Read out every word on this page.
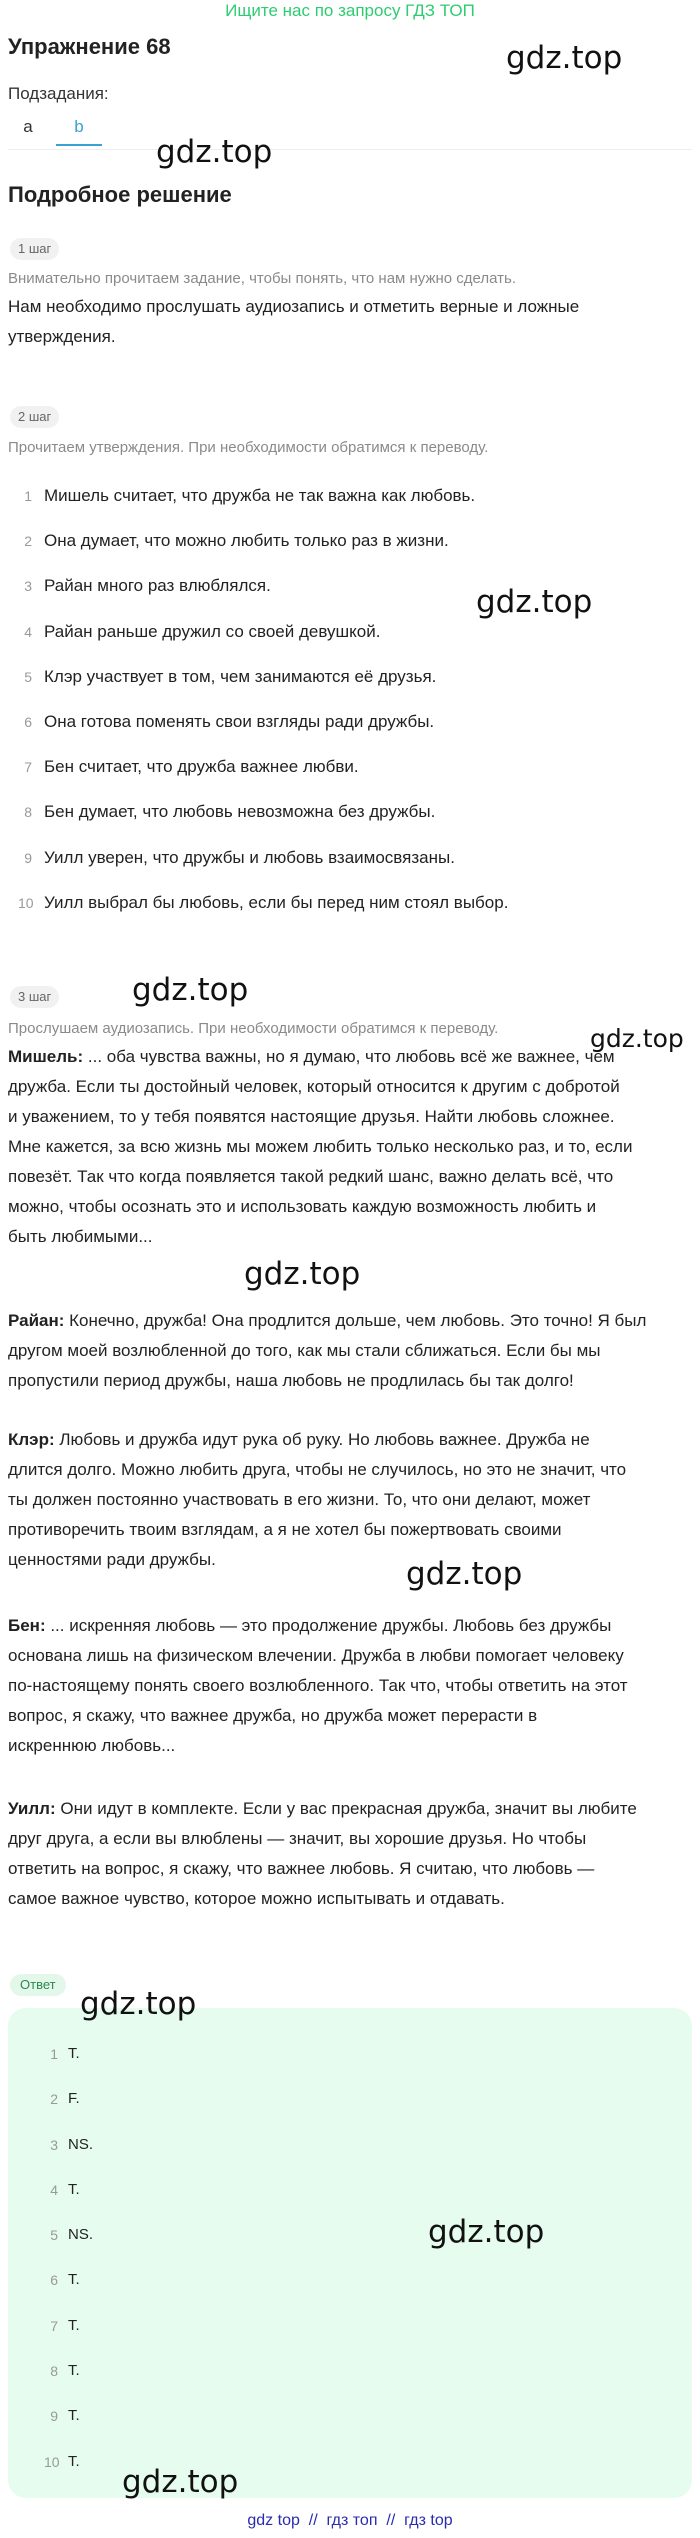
Ищите нас по запросу ГДЗ ТОП
Упражнение 68	gdz.top
Подзадания:
a	b
gdz.top
Подробное решение
1 шаг
Внимательно прочитаем задание, чтобы понять, что нам нужно сделать.
Нам необходимо прослушать аудиозапись и отметить верные и ложные
утверждения.
2 шаг
Прочитаем утверждения. При необходимости обратимся к переводу.
1 Мишель считает, что дружба не так важна как любовь.
2 Она думает, что можно любить только раз в жизни.
3 Райан много раз влюблялся.
4 Райан раньше дружил со своей девушкой.
5 Клэр участвует в том, чем занимаются её друзья.
6 Она готова поменять свои взгляды ради дружбы.
7 Бен считает, что дружба важнее любви.
8 Бен думает, что любовь невозможна без дружбы.
9 Уилл уверен, что дружбы и любовь взаимосвязаны.
10 Уилл выбрал бы любовь, если бы перед ним стоял выбор.
gdz.top
3 шаг	gdz.top
Прослушаем аудиозапись. При необходимости обратимся к переводу.	gdz.top
Мишель: ... оба чувства важны, но я думаю, что любовь всё же важнее, чем
дружба. Если ты достойный человек, который относится к другим с добротой
и уважением, то у тебя появятся настоящие друзья. Найти любовь сложнее.
Мне кажется, за всю жизнь мы можем любить только несколько раз, и то, если
повезёт. Так что когда появляется такой редкий шанс, важно делать всё, что
можно, чтобы осознать это и использовать каждую возможность любить и
быть любимыми...
gdz.top
Райан: Конечно, дружба! Она продлится дольше, чем любовь. Это точно! Я был
другом моей возлюбленной до того, как мы стали сближаться. Если бы мы
пропустили период дружбы, наша любовь не продлилась бы так долго!
Клэр: Любовь и дружба идут рука об руку. Но любовь важнее. Дружба не
длится долго. Можно любить друга, чтобы не случилось, но это не значит, что
ты должен постоянно участвовать в его жизни. То, что они делают, может
противоречить твоим взглядам, а я не хотел бы пожертвовать своими
ценностями ради дружбы.	gdz.top
Бен: ... искренняя любовь — это продолжение дружбы. Любовь без дружбы
основана лишь на физическом влечении. Дружба в любви помогает человеку
по-настоящему понять своего возлюбленного. Так что, чтобы ответить на этот
вопрос, я скажу, что важнее дружба, но дружба может перерасти в
искреннюю любовь...
Уилл: Они идут в комплекте. Если у вас прекрасная дружба, значит вы любите
друг друга, а если вы влюблены — значит, вы хорошие друзья. Но чтобы
ответить на вопрос, я скажу, что важнее любовь. Я считаю, что любовь —
самое важное чувство, которое можно испытывать и отдавать.
Ответ
gdz.top
1 T.
2 F.
3 NS.
4 T.
5 NS.
6 T.
7 T.
8 T.
9 T.
10 T.
gdz.top
gdz.top
gdz top  //  гдз топ  //  гдз top
